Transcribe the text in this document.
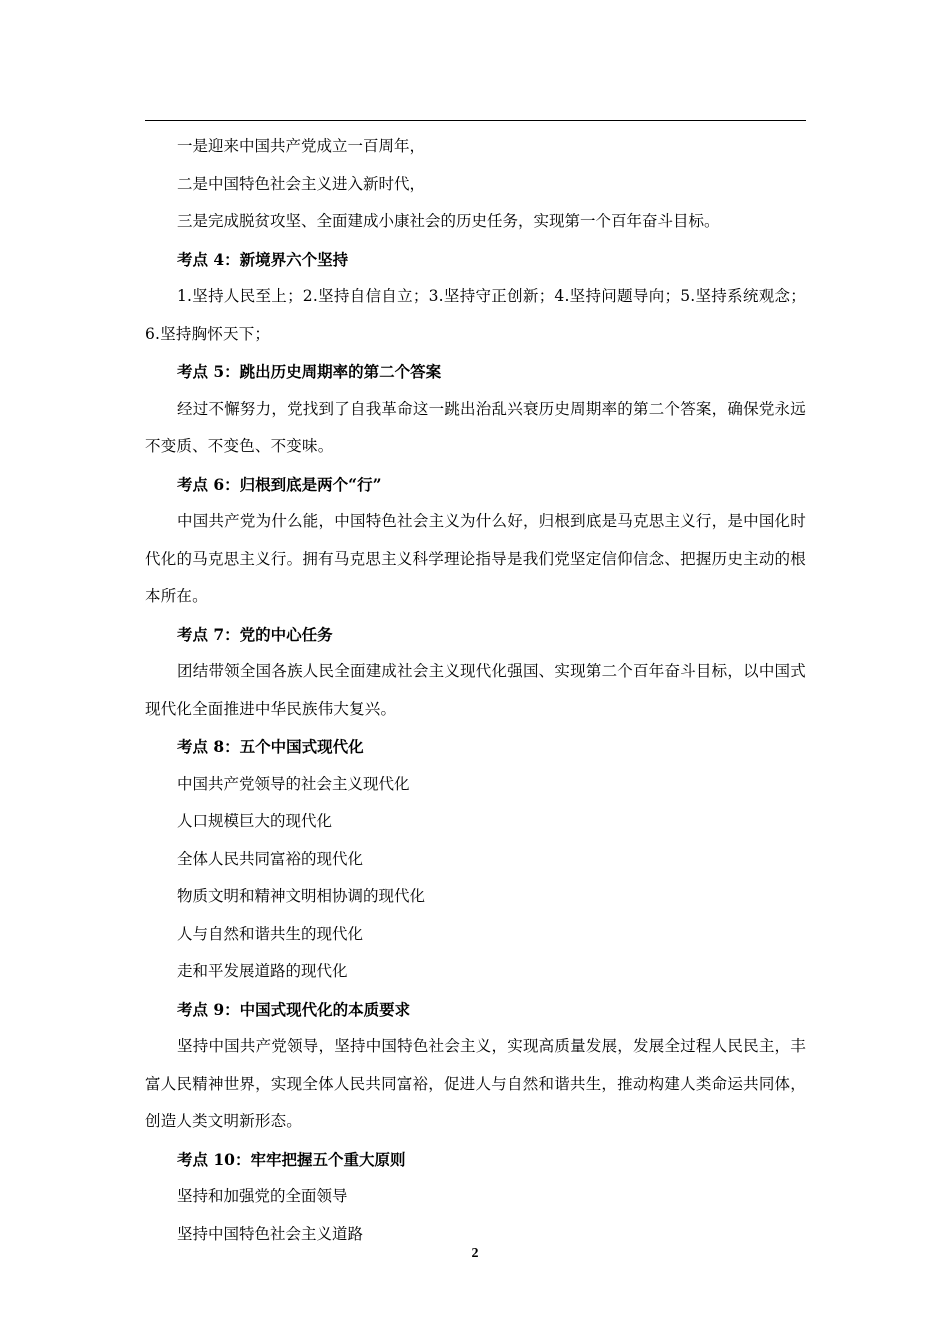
一是迎来中国共产党成立一百周年，
二是中国特色社会主义进入新时代，
三是完成脱贫攻坚、全面建成小康社会的历史任务，实现第一个百年奋斗目标。
考点 4：新境界六个坚持
1.坚持人民至上；2.坚持自信自立；3.坚持守正创新；4.坚持问题导向；5.坚持系统观念；6.坚持胸怀天下；
考点 5：跳出历史周期率的第二个答案
经过不懈努力，党找到了自我革命这一跳出治乱兴衰历史周期率的第二个答案，确保党永远不变质、不变色、不变味。
考点 6：归根到底是两个“行”
中国共产党为什么能，中国特色社会主义为什么好，归根到底是马克思主义行，是中国化时代化的马克思主义行。拥有马克思主义科学理论指导是我们党坚定信仰信念、把握历史主动的根本所在。
考点 7：党的中心任务
团结带领全国各族人民全面建成社会主义现代化强国、实现第二个百年奋斗目标，以中国式现代化全面推进中华民族伟大复兴。
考点 8：五个中国式现代化
中国共产党领导的社会主义现代化
人口规模巨大的现代化
全体人民共同富裕的现代化
物质文明和精神文明相协调的现代化
人与自然和谐共生的现代化
走和平发展道路的现代化
考点 9：中国式现代化的本质要求
坚持中国共产党领导，坚持中国特色社会主义，实现高质量发展，发展全过程人民民主，丰富人民精神世界，实现全体人民共同富裕，促进人与自然和谐共生，推动构建人类命运共同体，创造人类文明新形态。
考点 10：牢牢把握五个重大原则
坚持和加强党的全面领导
坚持中国特色社会主义道路
2
